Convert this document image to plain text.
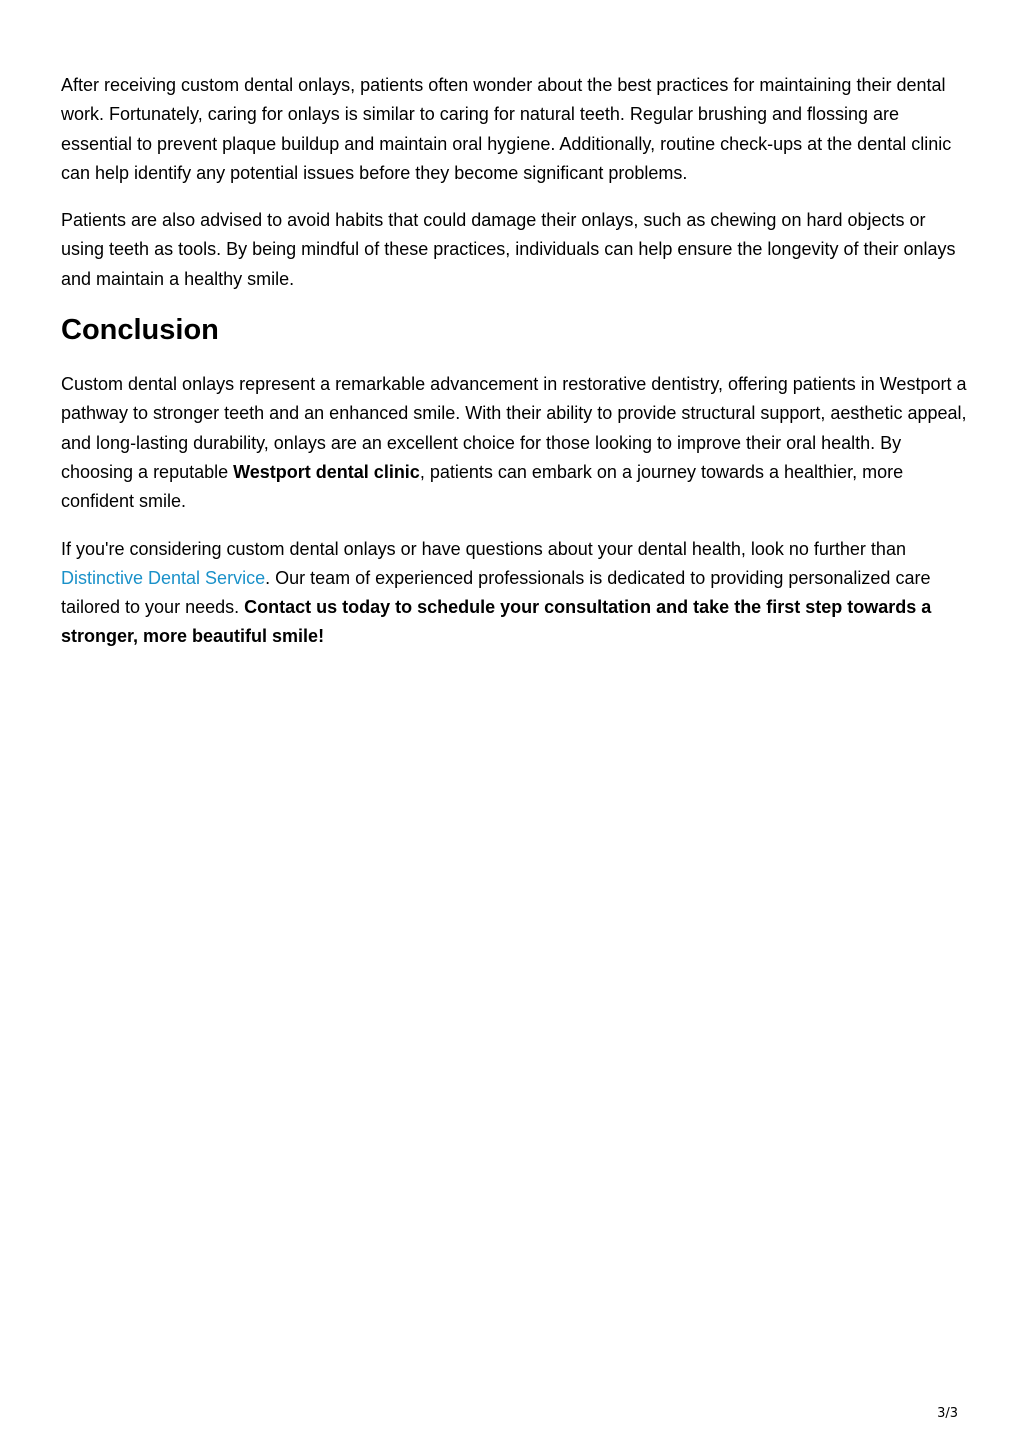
After receiving custom dental onlays, patients often wonder about the best practices for maintaining their dental work. Fortunately, caring for onlays is similar to caring for natural teeth. Regular brushing and flossing are essential to prevent plaque buildup and maintain oral hygiene. Additionally, routine check-ups at the dental clinic can help identify any potential issues before they become significant problems.

Patients are also advised to avoid habits that could damage their onlays, such as chewing on hard objects or using teeth as tools. By being mindful of these practices, individuals can help ensure the longevity of their onlays and maintain a healthy smile.

Conclusion

Custom dental onlays represent a remarkable advancement in restorative dentistry, offering patients in Westport a pathway to stronger teeth and an enhanced smile. With their ability to provide structural support, aesthetic appeal, and long-lasting durability, onlays are an excellent choice for those looking to improve their oral health. By choosing a reputable Westport dental clinic, patients can embark on a journey towards a healthier, more confident smile.

If you're considering custom dental onlays or have questions about your dental health, look no further than Distinctive Dental Service. Our team of experienced professionals is dedicated to providing personalized care tailored to your needs. Contact us today to schedule your consultation and take the first step towards a stronger, more beautiful smile!

3/3
